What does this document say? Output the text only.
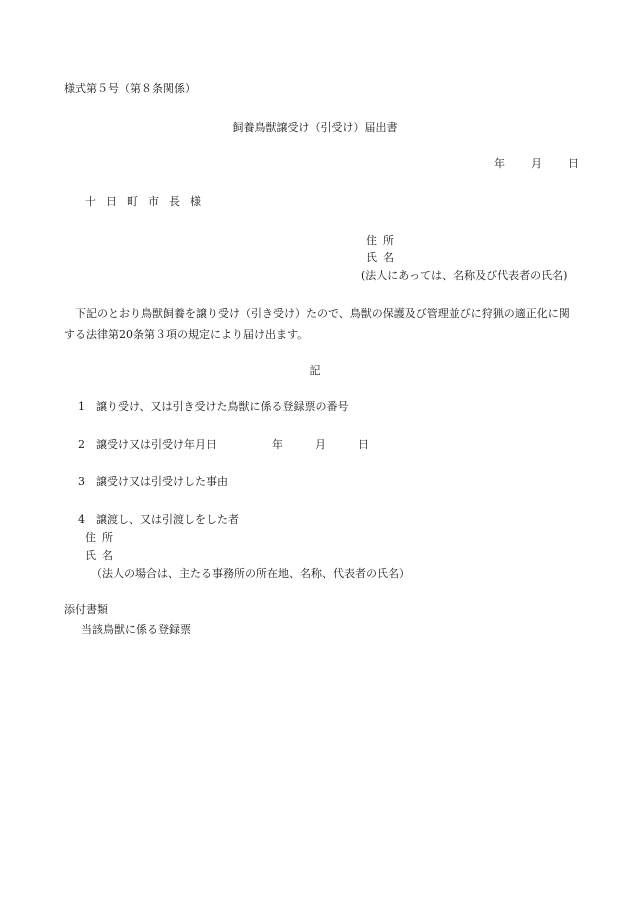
様式第５号（第８条関係）
飼養鳥獣譲受け（引受け）届出書
年 月 日
十日町市長様
住所
氏名
(法人にあっては、名称及び代表者の氏名)
下記のとおり鳥獣飼養を譲り受け（引き受け）たので、鳥獣の保護及び管理並びに狩猟の適正化に関する法律第20条第３項の規定により届け出ます。
記
1 譲り受け、又は引き受けた鳥獣に係る登録票の番号
2 譲受け又は引受け年月日	年	月	日
3 譲受け又は引受けした事由
4 譲渡し、又は引渡しをした者
住所
氏名
（法人の場合は、主たる事務所の所在地、名称、代表者の氏名）
添付書類
当該鳥獣に係る登録票
